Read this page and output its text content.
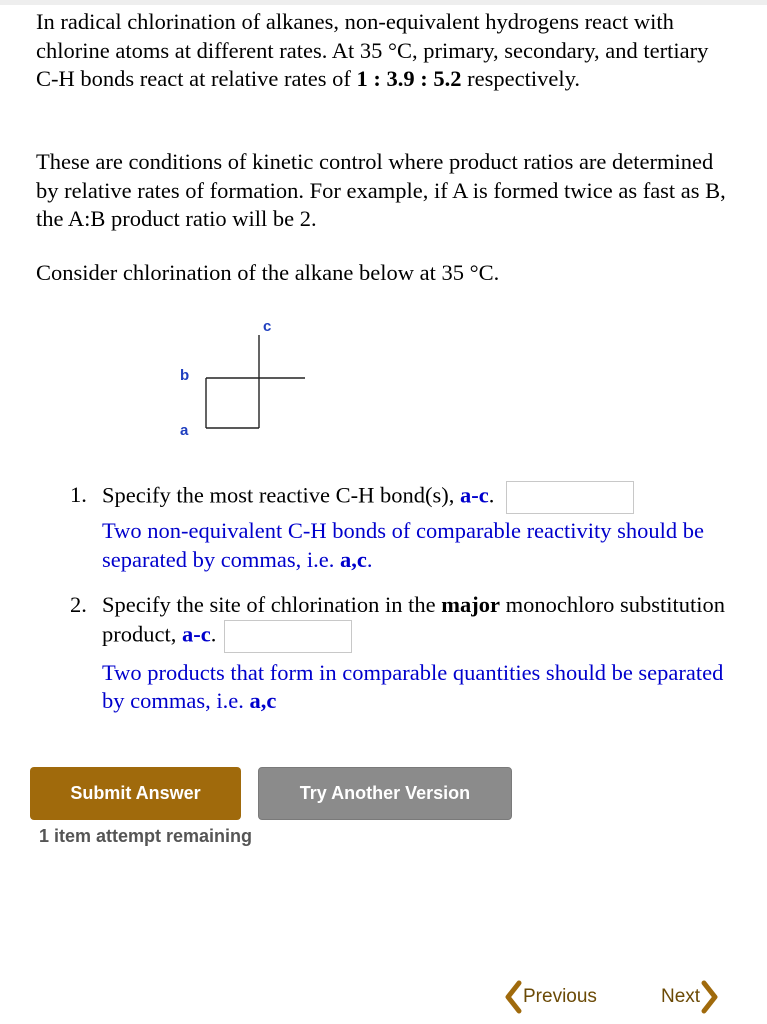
In radical chlorination of alkanes, non-equivalent hydrogens react with chlorine atoms at different rates. At 35 °C, primary, secondary, and tertiary C-H bonds react at relative rates of 1 : 3.9 : 5.2 respectively.

These are conditions of kinetic control where product ratios are determined by relative rates of formation. For example, if A is formed twice as fast as B, the A:B product ratio will be 2.

Consider chlorination of the alkane below at 35 °C.

c
b
a
1. Specify the most reactive C-H bond(s), a-c.
Two non-equivalent C-H bonds of comparable reactivity should be separated by commas, i.e. a,c.
2. Specify the site of chlorination in the major monochloro substitution product, a-c.
Two products that form in comparable quantities should be separated by commas, i.e. a,c
Submit Answer	Try Another Version
1 item attempt remaining
Previous	Next
